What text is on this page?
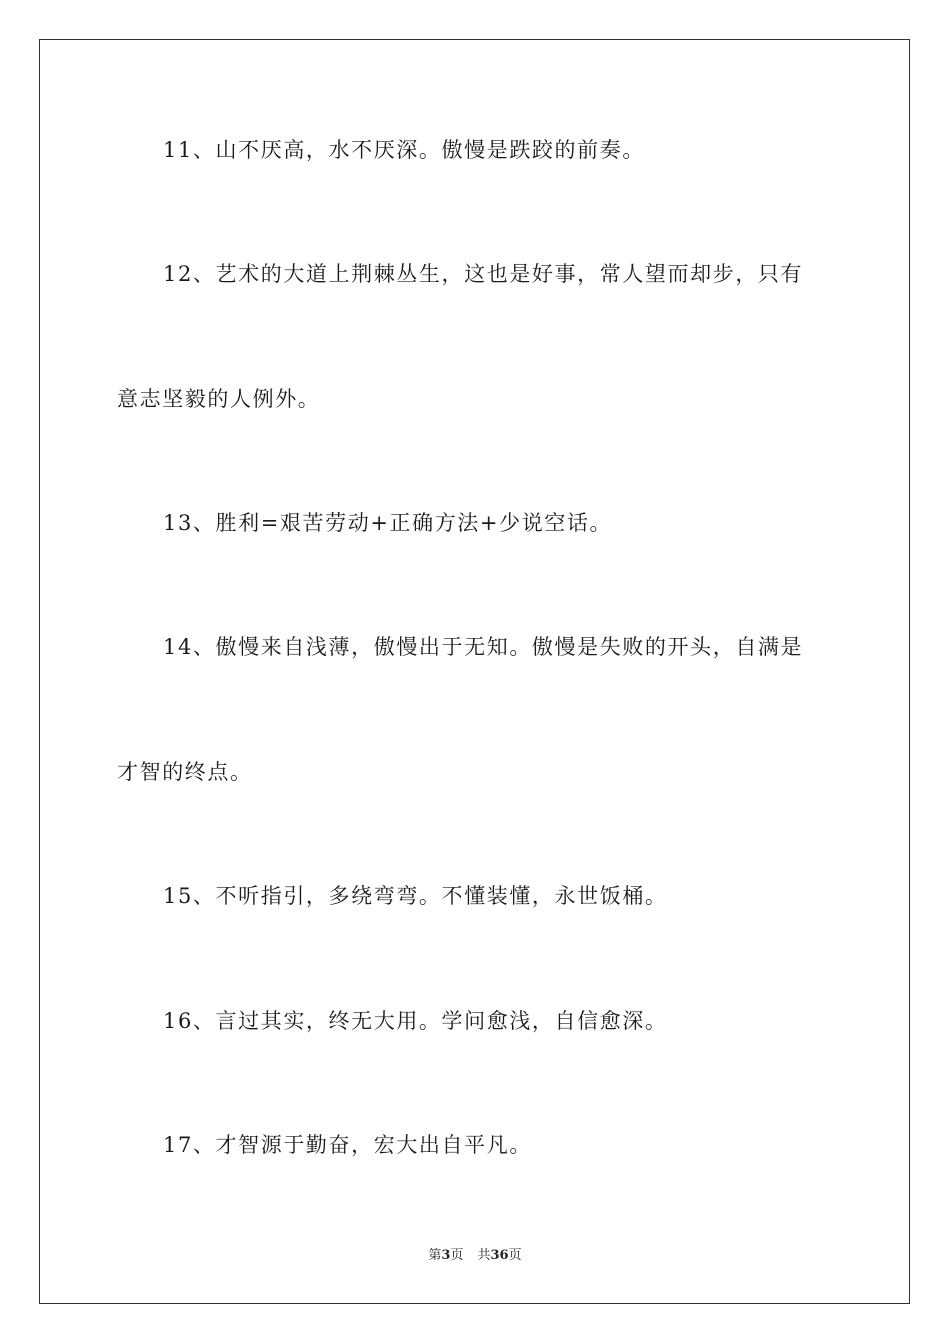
11、山不厌高，水不厌深。傲慢是跌跤的前奏。
12、艺术的大道上荆棘丛生，这也是好事，常人望而却步，只有
意志坚毅的人例外。
13、胜利=艰苦劳动+正确方法+少说空话。
14、傲慢来自浅薄，傲慢出于无知。傲慢是失败的开头，自满是
才智的终点。
15、不听指引，多绕弯弯。不懂装懂，永世饭桶。
16、言过其实，终无大用。学问愈浅，自信愈深。
17、才智源于勤奋，宏大出自平凡。
第3页 共36页
